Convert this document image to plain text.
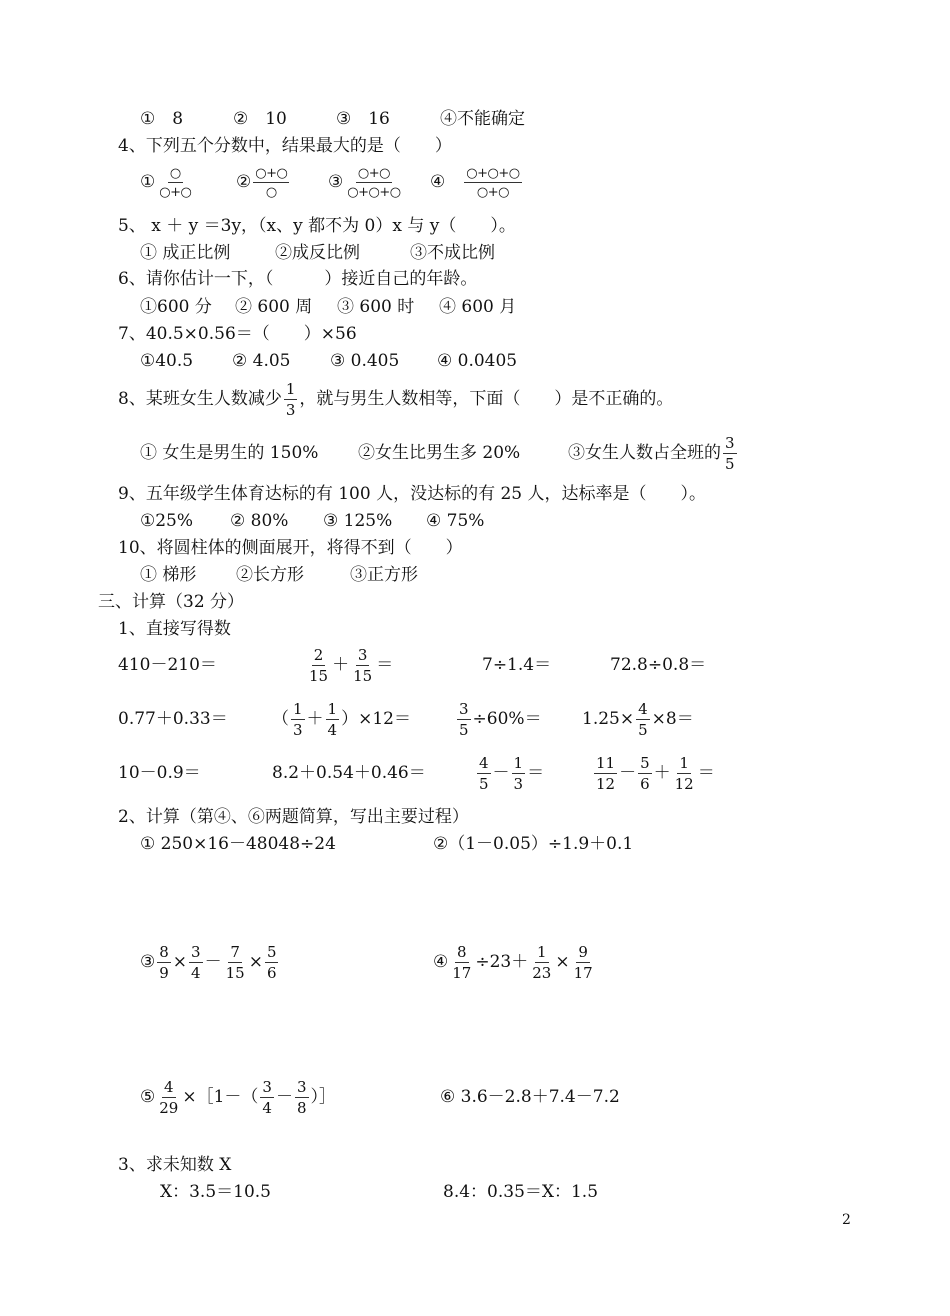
①　8	②　10	③　16	④不能确定
4、下列五个分数中，结果最大的是（　　）
① $\frac{○}{○+○}$	② $\frac{○+○}{○}$ ③ $\frac{○+○}{○+○+○}$ ④　 $\frac{○+○+○}{○+○}$
5、 x ＋ y ＝3y，（x、y 都不为 0）x 与 y（　　）。
① 成正比例	②成反比例	③不成比例
6、请你估计一下，（　　　）接近自己的年龄。
①600 分 ② 600 周 ③ 600 时 ④ 600 月
7、40.5×0.56＝（　　）×56
①40.5 ② 4.05 ③ 0.405 ④ 0.0405
8、某班女生人数减少 $\frac{1}{3}$ ，就与男生人数相等，下面（　　）是不正确的。
① 女生是男生的 150% ②女生比男生多 20%	③女生人数占全班的 $\frac{3}{5}$
9、五年级学生体育达标的有 100 人，没达标的有 25 人，达标率是（　　）。
①25% ② 80% ③ 125% ④ 75%
10、将圆柱体的侧面展开，将得不到（　　）
① 梯形 ②长方形	③正方形
三、计算（32 分）
1、直接写得数
410－210＝	$\frac{2}{15} + \frac{3}{15}$ ＝	7÷1.4＝	72.8÷0.8＝
0.77＋0.33＝	（ $\frac{1}{3} + \frac{1}{4} )\times 12=$	$\frac{3}{5} \div 60\%= 1.25\times \frac{4}{5} \times 8=$
10－0.9＝	8.2＋0.54＋0.46＝	$\frac{4}{5} - \frac{1}{3}$ ＝	$\frac{11}{12} - \frac{5}{6} + \frac{1}{12}$ ＝
2、计算（第④、⑥两题简算，写出主要过程）
① 250×16－48048÷24	②（1－0.05）÷1.9＋0.1
③ $\frac{8}{9} \times \frac{3}{4} - \frac{7}{15} \times \frac{5}{6}$	④ $\frac{8}{17} \div 23+ \frac{1}{23} \times \frac{9}{17}$
⑤ $\frac{4}{29}$ ×［1－（ $\frac{3}{4} - \frac{3}{8}$ ）］	⑥ 3.6－2.8＋7.4－7.2
3、求未知数 X
X：3.5＝10.5	8.4：0.35＝X：1.5
2
